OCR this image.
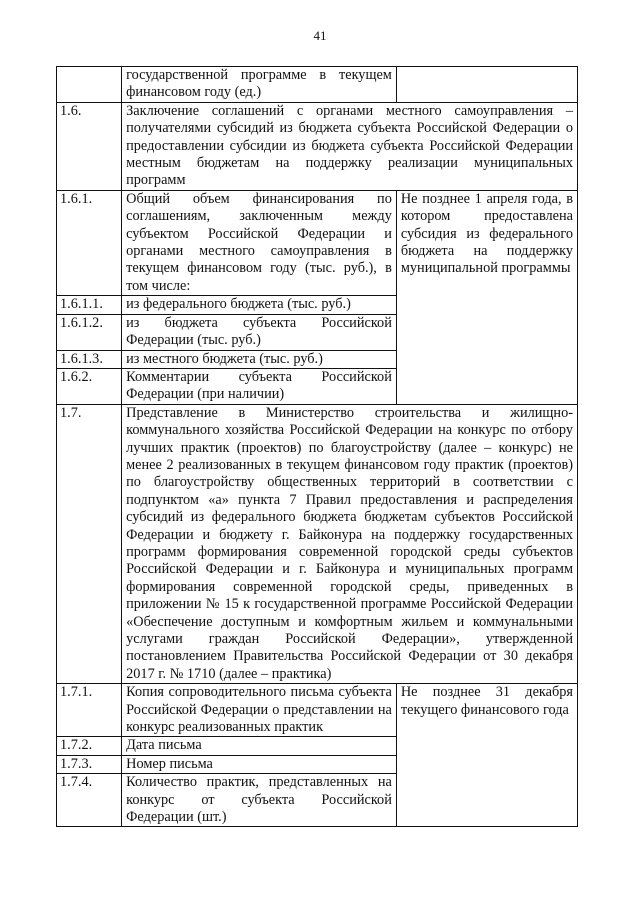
41

	государственной программе в текущем финансовом году (ед.)	

1.6.	Заключение соглашений с органами местного самоуправления – получателями субсидий из бюджета субъекта Российской Федерации о предоставлении субсидии из бюджета субъекта Российской Федерации местным бюджетам на поддержку реализации муниципальных программ	

1.6.1.	Общий объем финансирования по соглашениям, заключенным между субъектом Российской Федерации и органами местного самоуправления в текущем финансовом году (тыс. руб.), в том числе:	Не позднее 1 апреля года, в котором предоставлена субсидия из федерального бюджета на поддержку муниципальной программы

1.6.1.1.	из федерального бюджета (тыс. руб.)	

1.6.1.2.	из бюджета субъекта Российской Федерации (тыс. руб.)	

1.6.1.3.	из местного бюджета (тыс. руб.)	

1.6.2.	Комментарии субъекта Российской Федерации (при наличии)	

1.7.	Представление в Министерство строительства и жилищно-коммунального хозяйства Российской Федерации на конкурс по отбору лучших практик (проектов) по благоустройству (далее – конкурс) не менее 2 реализованных в текущем финансовом году практик (проектов) по благоустройству общественных территорий в соответствии с подпунктом «а» пункта 7 Правил предоставления и распределения субсидий из федерального бюджета бюджетам субъектов Российской Федерации и бюджету г. Байконура на поддержку государственных программ формирования современной городской среды субъектов Российской Федерации и г. Байконура и муниципальных программ формирования современной городской среды, приведенных в приложении № 15 к государственной программе Российской Федерации «Обеспечение доступным и комфортным жильем и коммунальными услугами граждан Российской Федерации», утвержденной постановлением Правительства Российской Федерации от 30 декабря 2017 г. № 1710 (далее – практика)	

1.7.1.	Копия сопроводительного письма субъекта Российской Федерации о представлении на конкурс реализованных практик	Не позднее 31 декабря текущего финансового года

1.7.2.	Дата письма	

1.7.3.	Номер письма	

1.7.4.	Количество практик, представленных на конкурс от субъекта Российской Федерации (шт.)	
